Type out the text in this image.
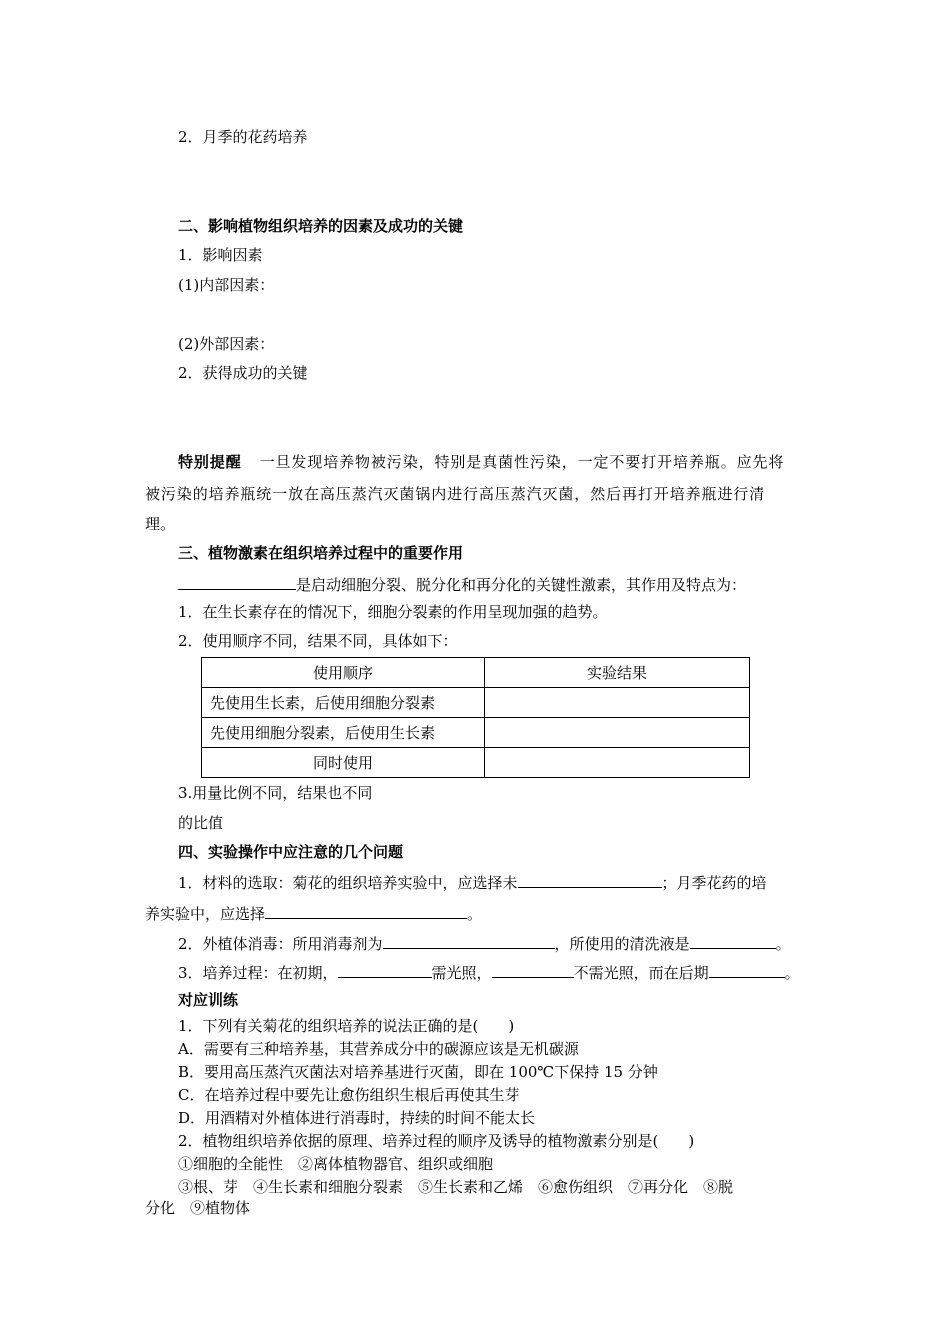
2．月季的花药培养
二、影响植物组织培养的因素及成功的关键
1．影响因素
(1)内部因素：
(2)外部因素：
2．获得成功的关键
特别提醒 一旦发现培养物被污染，特别是真菌性污染，一定不要打开培养瓶。应先将
被污染的培养瓶统一放在高压蒸汽灭菌锅内进行高压蒸汽灭菌，然后再打开培养瓶进行清
理。
三、植物激素在组织培养过程中的重要作用
是启动细胞分裂、脱分化和再分化的关键性激素，其作用及特点为：
1．在生长素存在的情况下，细胞分裂素的作用呈现加强的趋势。
2．使用顺序不同，结果不同，具体如下：
使用顺序	实验结果
先使用生长素，后使用细胞分裂素	
先使用细胞分裂素，后使用生长素	
同时使用	
3.用量比例不同，结果也不同
的比值
四、实验操作中应注意的几个问题
1．材料的选取：菊花的组织培养实验中，应选择未	；月季花药的培
养实验中，应选择	。
2．外植体消毒：所用消毒剂为	，所使用的清洗液是	。
3．培养过程：在初期，	需光照，	不需光照，而在后期	。
对应训练
1．下列有关菊花的组织培养的说法正确的是(　　)
A．需要有三种培养基，其营养成分中的碳源应该是无机碳源
B．要用高压蒸汽灭菌法对培养基进行灭菌，即在 100℃下保持 15 分钟
C．在培养过程中要先让愈伤组织生根后再使其生芽
D．用酒精对外植体进行消毒时，持续的时间不能太长
2．植物组织培养依据的原理、培养过程的顺序及诱导的植物激素分别是(　　)
①细胞的全能性　②离体植物器官、组织或细胞
③根、芽　④生长素和细胞分裂素　⑤生长素和乙烯　⑥愈伤组织　⑦再分化　⑧脱
分化　⑨植物体
